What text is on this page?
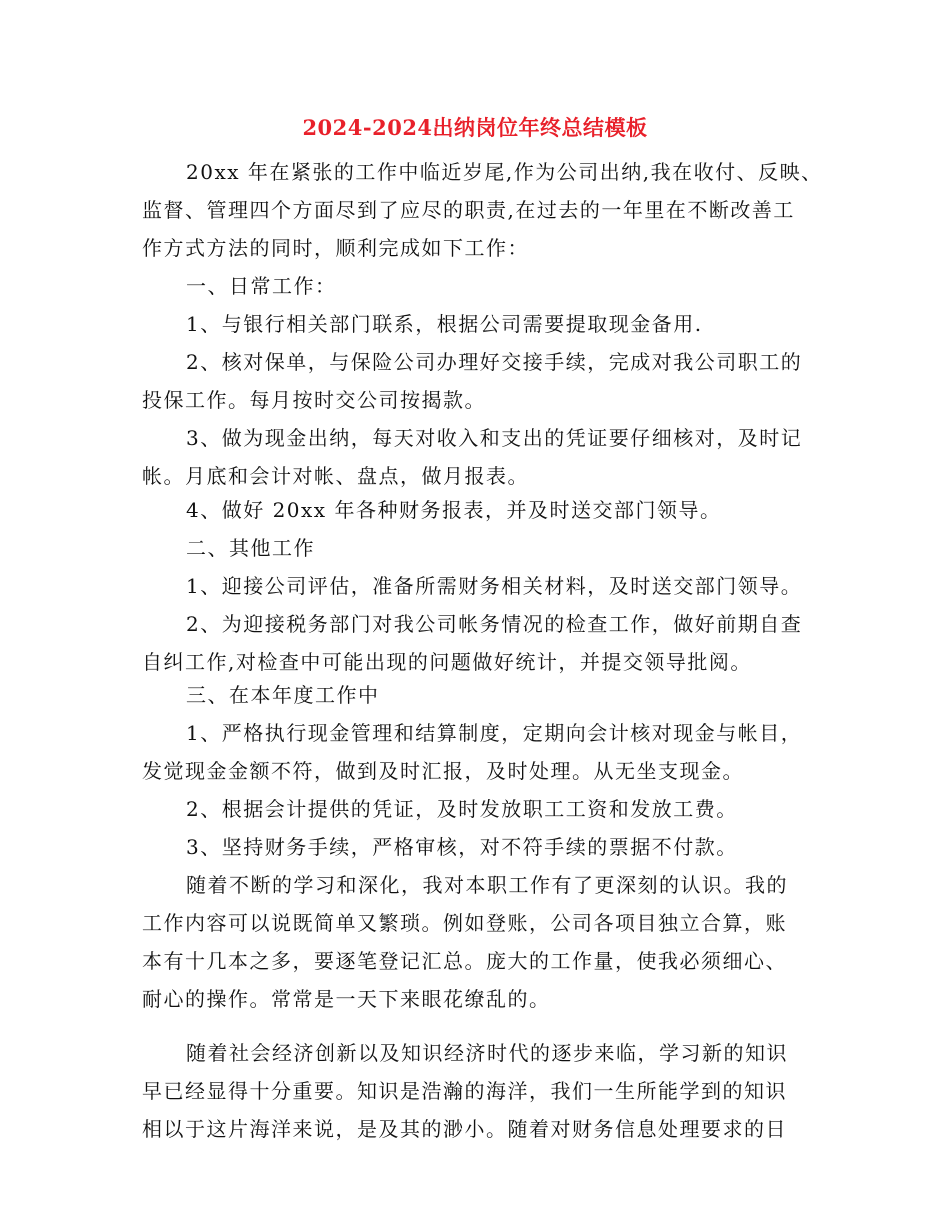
2024-2024出纳岗位年终总结模板
20xx 年在紧张的工作中临近岁尾,作为公司出纳,我在收付、反映、
监督、管理四个方面尽到了应尽的职责,在过去的一年里在不断改善工
作方式方法的同时，顺利完成如下工作：
一、日常工作：
1、与银行相关部门联系，根据公司需要提取现金备用.
2、核对保单，与保险公司办理好交接手续，完成对我公司职工的
投保工作。每月按时交公司按揭款。
3、做为现金出纳，每天对收入和支出的凭证要仔细核对，及时记
帐。月底和会计对帐、盘点，做月报表。
4、做好 20xx 年各种财务报表，并及时送交部门领导。
二、其他工作
1、迎接公司评估，准备所需财务相关材料，及时送交部门领导。
2、为迎接税务部门对我公司帐务情况的检查工作，做好前期自查
自纠工作,对检查中可能出现的问题做好统计，并提交领导批阅。
三、在本年度工作中
1、严格执行现金管理和结算制度，定期向会计核对现金与帐目，
发觉现金金额不符，做到及时汇报，及时处理。从无坐支现金。
2、根据会计提供的凭证，及时发放职工工资和发放工费。
3、坚持财务手续，严格审核，对不符手续的票据不付款。
随着不断的学习和深化，我对本职工作有了更深刻的认识。我的
工作内容可以说既简单又繁琐。例如登账，公司各项目独立合算，账
本有十几本之多，要逐笔登记汇总。庞大的工作量，使我必须细心、
耐心的操作。常常是一天下来眼花缭乱的。
随着社会经济创新以及知识经济时代的逐步来临，学习新的知识
早已经显得十分重要。知识是浩瀚的海洋，我们一生所能学到的知识
相以于这片海洋来说，是及其的渺小。随着对财务信息处理要求的日
